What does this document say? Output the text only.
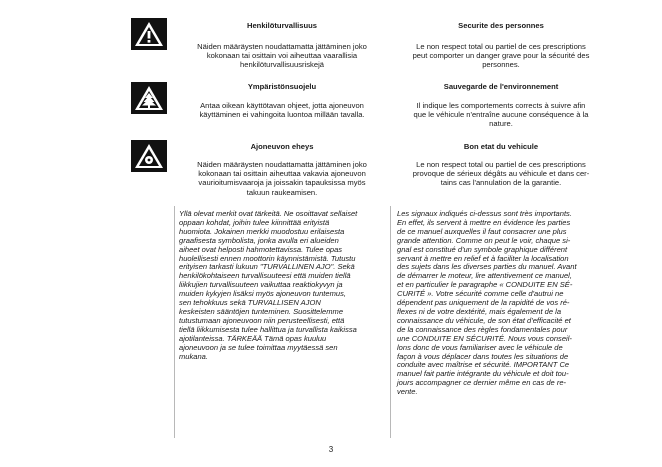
Henkilöturvallisuus
Näiden määräysten noudattamatta jättäminen joko
kokonaan tai osittain voi aiheuttaa vaarallisia
henkilöturvallisuusriskejä
Securite des personnes
Le non respect total ou partiel de ces prescriptions
peut comporter un danger grave pour la sécurité des
personnes.
Ympäristönsuojelu
Antaa oikean käyttötavan ohjeet, jotta ajoneuvon
käyttäminen ei vahingoita luontoa millään tavalla.
Sauvegarde de l'environnement
Il indique les comportements corrects à suivre afin
que le véhicule n'entraîne aucune conséquence à la
nature.
Ajoneuvon eheys
Näiden määräysten noudattamatta jättäminen joko
kokonaan tai osittain aiheuttaa vakavia ajoneuvon
vaurioitumisvaaroja ja joissakin tapauksissa myös
takuun raukeamisen.
Bon etat du vehicule
Le non respect total ou partiel de ces prescriptions
provoque de sérieux dégâts au véhicule et dans cer-
tains cas l'annulation de la garantie.
Yllä olevat merkit ovat tärkeitä. Ne osoittavat sellaiset
oppaan kohdat, joihin tulee kiinnittää erityistä
huomiota. Jokainen merkki muodostuu erilaisesta
graafisesta symbolista, jonka avulla eri alueiden
aiheet ovat helposti hahmotettavissa. Tulee opas
huolellisesti ennen moottorin käynnistämistä. Tutustu
erityisen tarkasti lukuun "TURVALLINEN AJO". Sekä
henkilökohtaiseen turvallisuuteesi että muiden tiellä
liikkujien turvallisuuteen vaikuttaa reaktiokyvyn ja
muiden kykyjen lisäksi myös ajoneuvon tuntemus,
sen tehokkuus sekä TURVALLISEN AJON
keskeisten sääntöjen tunteminen. Suosittelemme
tutustumaan ajoneuvoon niin perusteellisesti, että
tiellä liikkumisesta tulee hallittua ja turvallista kaikissa
ajotilanteissa. TÄRKEÄÄ Tämä opas kuuluu
ajoneuvoon ja se tulee toimittaa myytäessä sen
mukana.
Les signaux indiqués ci-dessus sont très importants.
En effet, ils servent à mettre en évidence les parties
de ce manuel auxquelles il faut consacrer une plus
grande attention. Comme on peut le voir, chaque si-
gnal est constitué d'un symbole graphique différent
servant à mettre en relief et à faciliter la localisation
des sujets dans les diverses parties du manuel. Avant
de démarrer le moteur, lire attentivement ce manuel,
et en particulier le paragraphe « CONDUITE EN SÉ-
CURITÉ ». Votre sécurité comme celle d'autrui ne
dépendent pas uniquement de la rapidité de vos ré-
flexes ni de votre dextérité, mais également de la
connaissance du véhicule, de son état d'efficacité et
de la connaissance des règles fondamentales pour
une CONDUITE EN SÉCURITÉ. Nous vous conseil-
lons donc de vous familiariser avec le véhicule de
façon à vous déplacer dans toutes les situations de
conduite avec maîtrise et sécurité. IMPORTANT Ce
manuel fait partie intégrante du véhicule et doit tou-
jours accompagner ce dernier même en cas de re-
vente.
3
